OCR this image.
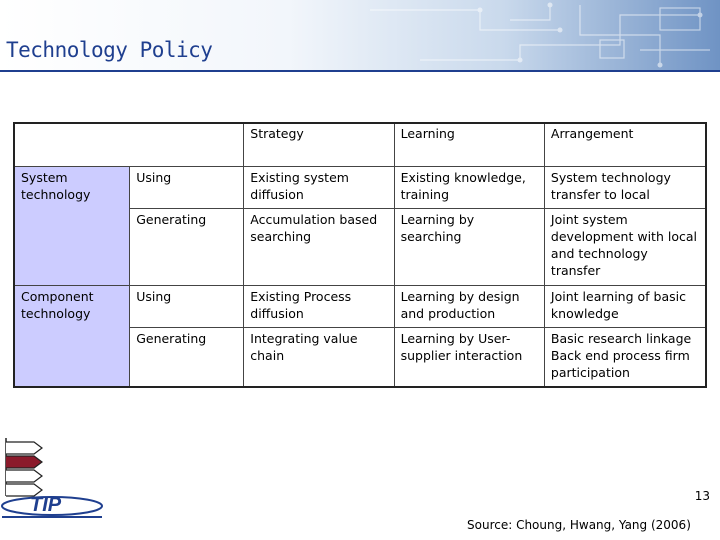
Technology Policy
		Strategy	Learning	Arrangement
System technology	Using	Existing system diffusion	Existing knowledge, training	System technology transfer to local
	Generating	Accumulation based searching	Learning by searching	Joint system development with local and technology transfer
Component technology	Using	Existing Process diffusion	Learning by design and production	Joint learning of basic knowledge
	Generating	Integrating value chain	Learning by User-supplier interaction	Basic research linkage Back end process firm participation
TIP	13
Source: Choung, Hwang, Yang (2006)
